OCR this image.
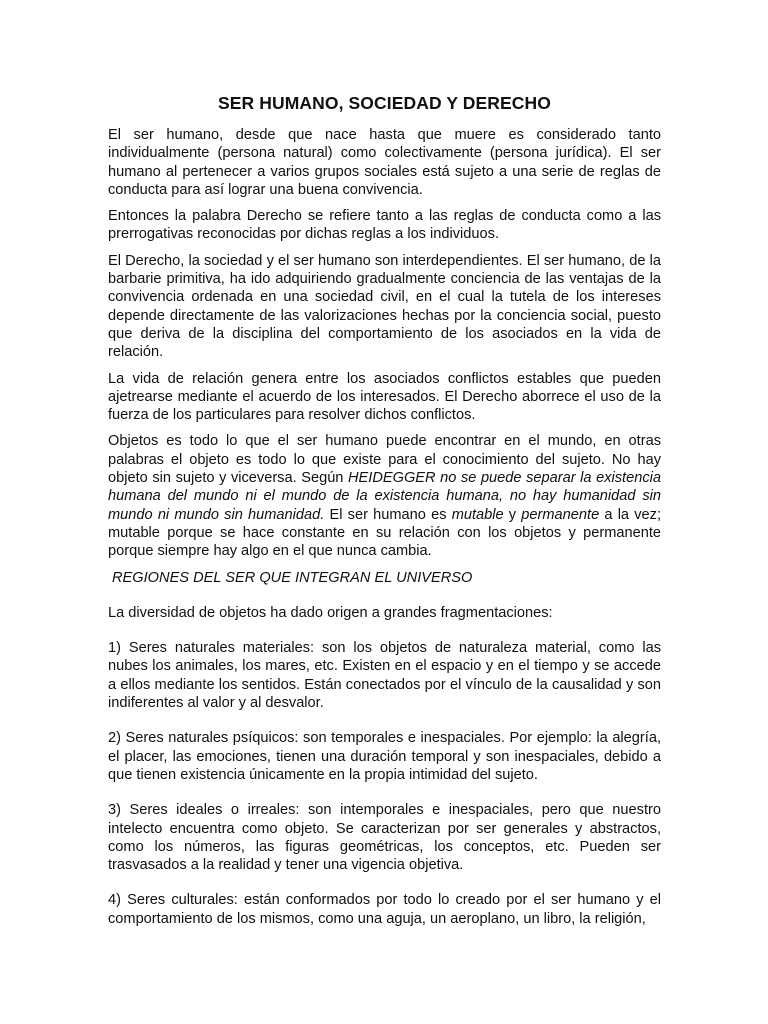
SER HUMANO, SOCIEDAD Y DERECHO

El ser humano, desde que nace hasta que muere es considerado tanto individualmente (persona natural) como colectivamente (persona jurídica). El ser humano al pertenecer a varios grupos sociales está sujeto a una serie de reglas de conducta para así lograr una buena convivencia.

Entonces la palabra Derecho se refiere tanto a las reglas de conducta como a las prerrogativas reconocidas por dichas reglas a los individuos.

El Derecho, la sociedad y el ser humano son interdependientes. El ser humano, de la barbarie primitiva, ha ido adquiriendo gradualmente conciencia de las ventajas de la convivencia ordenada en una sociedad civil, en el cual la tutela de los intereses depende directamente de las valorizaciones hechas por la conciencia social, puesto que deriva de la disciplina del comportamiento de los asociados en la vida de relación.

La vida de relación genera entre los asociados conflictos estables que pueden ajetrearse mediante el acuerdo de los interesados. El Derecho aborrece el uso de la fuerza de los particulares para resolver dichos conflictos.

Objetos es todo lo que el ser humano puede encontrar en el mundo, en otras palabras el objeto es todo lo que existe para el conocimiento del sujeto. No hay objeto sin sujeto y viceversa. Según HEIDEGGER no se puede separar la existencia humana del mundo ni el mundo de la existencia humana, no hay humanidad sin mundo ni mundo sin humanidad. El ser humano es mutable y permanente a la vez; mutable porque se hace constante en su relación con los objetos y permanente porque siempre hay algo en el que nunca cambia.

REGIONES DEL SER QUE INTEGRAN EL UNIVERSO

La diversidad de objetos ha dado origen a grandes fragmentaciones:

1) Seres naturales materiales: son los objetos de naturaleza material, como las nubes los animales, los mares, etc. Existen en el espacio y en el tiempo y se accede a ellos mediante los sentidos. Están conectados por el vínculo de la causalidad y son indiferentes al valor y al desvalor.

2) Seres naturales psíquicos: son temporales e inespaciales. Por ejemplo: la alegría, el placer, las emociones, tienen una duración temporal y son inespaciales, debido a que tienen existencia únicamente en la propia intimidad del sujeto.

3) Seres ideales o irreales: son intemporales e inespaciales, pero que nuestro intelecto encuentra como objeto. Se caracterizan por ser generales y abstractos, como los números, las figuras geométricas, los conceptos, etc. Pueden ser trasvasados a la realidad y tener una vigencia objetiva.

4) Seres culturales: están conformados por todo lo creado por el ser humano y el comportamiento de los mismos, como una aguja, un aeroplano, un libro, la religión,
